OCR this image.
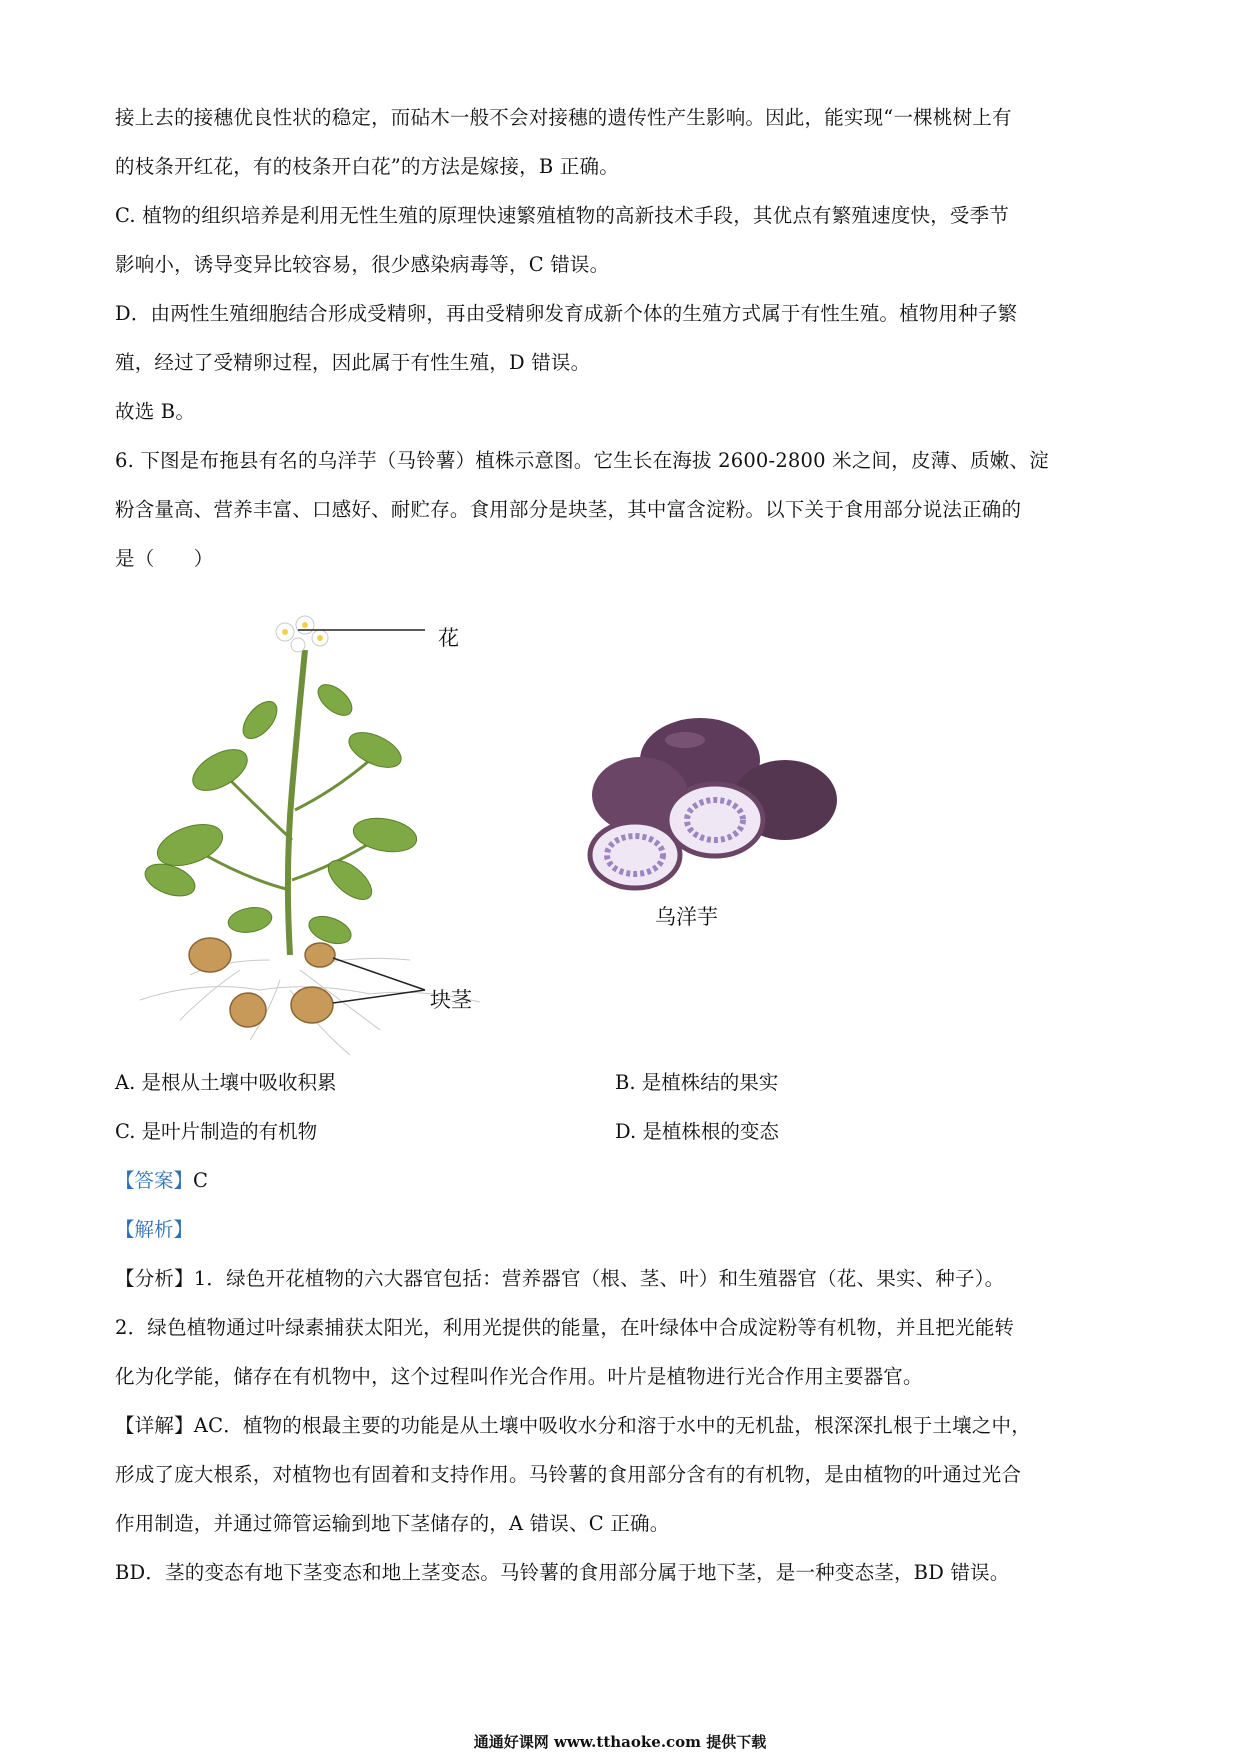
接上去的接穗优良性状的稳定，而砧木一般不会对接穗的遗传性产生影响。因此，能实现“一棵桃树上有
的枝条开红花，有的枝条开白花”的方法是嫁接，B 正确。
C. 植物的组织培养是利用无性生殖的原理快速繁殖植物的高新技术手段，其优点有繁殖速度快，受季节
影响小，诱导变异比较容易，很少感染病毒等，C 错误。
D．由两性生殖细胞结合形成受精卵，再由受精卵发育成新个体的生殖方式属于有性生殖。植物用种子繁
殖，经过了受精卵过程，因此属于有性生殖，D 错误。
故选 B。
6. 下图是布拖县有名的乌洋芋（马铃薯）植株示意图。它生长在海拔 2600-2800 米之间，皮薄、质嫩、淀
粉含量高、营养丰富、口感好、耐贮存。食用部分是块茎，其中富含淀粉。以下关于食用部分说法正确的
是（　　）
花
块茎
乌洋芋
A. 是根从土壤中吸收积累	B. 是植株结的果实
C. 是叶片制造的有机物	D. 是植株根的变态
【答案】C
【解析】
【分析】1．绿色开花植物的六大器官包括：营养器官（根、茎、叶）和生殖器官（花、果实、种子）。
2．绿色植物通过叶绿素捕获太阳光，利用光提供的能量，在叶绿体中合成淀粉等有机物，并且把光能转
化为化学能，储存在有机物中，这个过程叫作光合作用。叶片是植物进行光合作用主要器官。
【详解】AC．植物的根最主要的功能是从土壤中吸收水分和溶于水中的无机盐，根深深扎根于土壤之中，
形成了庞大根系，对植物也有固着和支持作用。马铃薯的食用部分含有的有机物，是由植物的叶通过光合
作用制造，并通过筛管运输到地下茎储存的，A 错误、C 正确。
BD．茎的变态有地下茎变态和地上茎变态。马铃薯的食用部分属于地下茎，是一种变态茎，BD 错误。
通通好课网 www.tthaoke.com 提供下载
